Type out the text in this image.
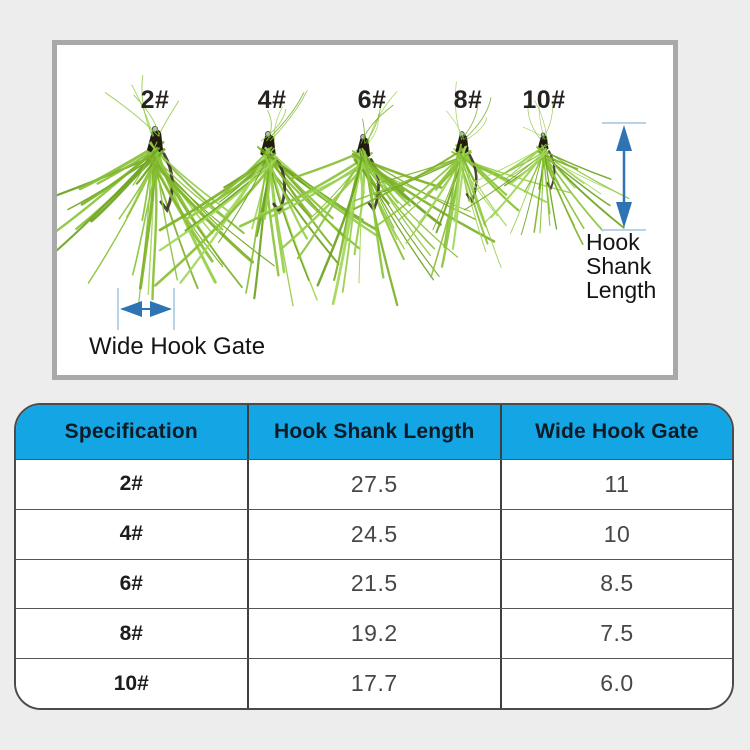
2#	4#	6#	8# 10#
Hook
Shank
Length
Wide Hook Gate
Specification	Hook Shank Length	Wide Hook Gate
2#	27.5	11
4#	24.5	10
6#	21.5	8.5
8#	19.2	7.5
10#	17.7	6.0
